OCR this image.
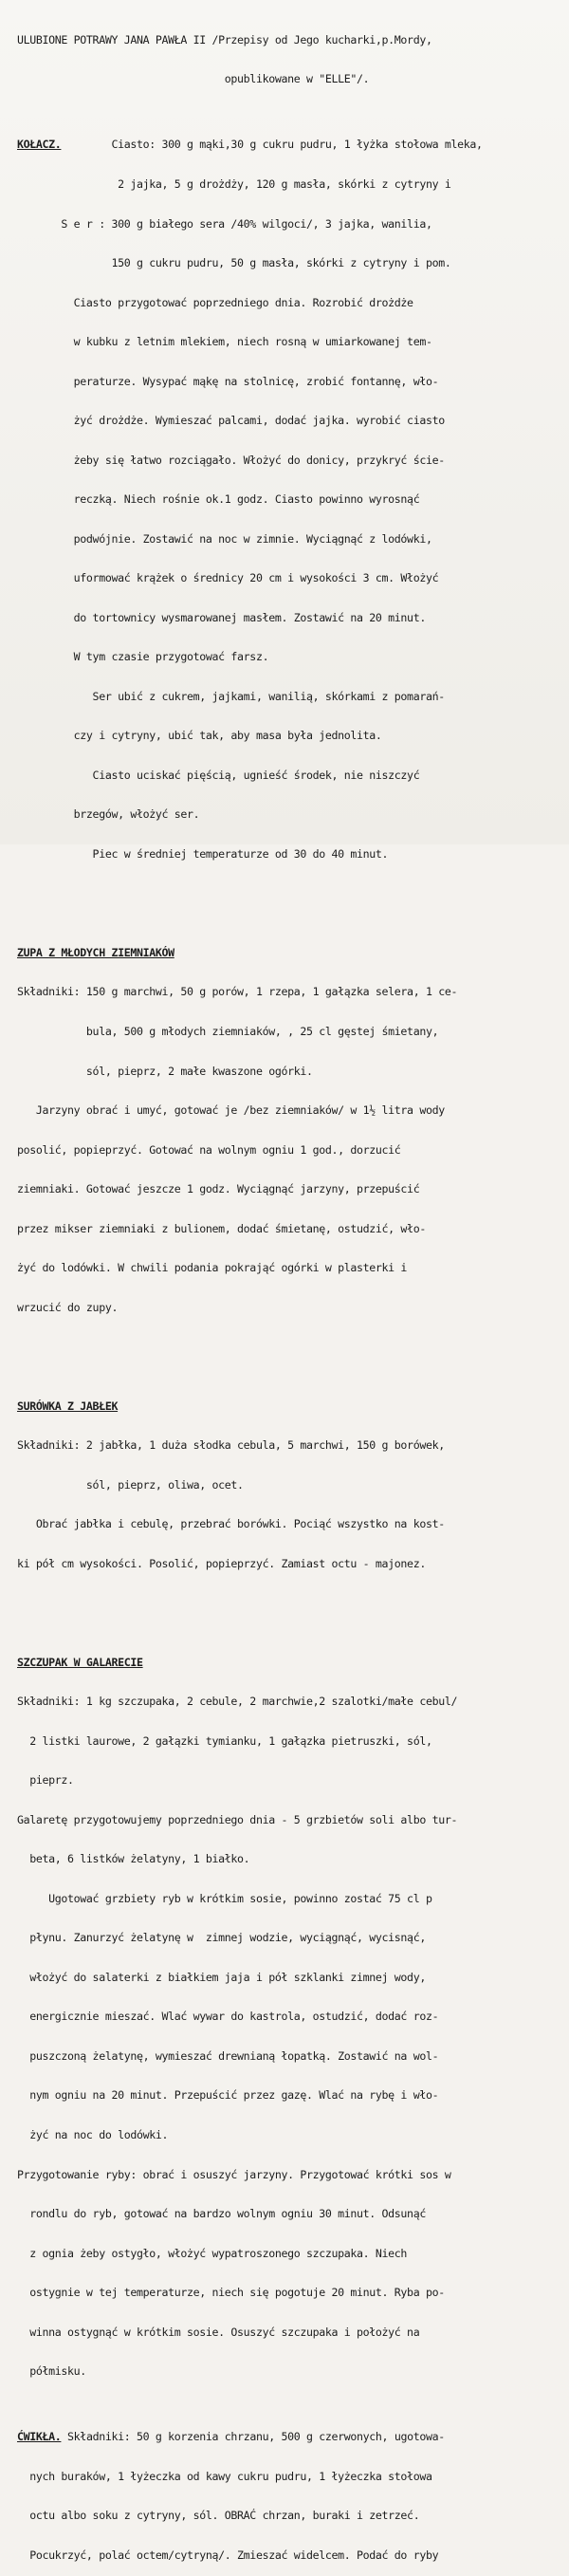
ULUBIONE POTRAWY JANA PAWŁA II /Przepisy od Jego kucharki,p.Mordy,

opublikowane w "ELLE"/.

KOŁACZ.        Ciasto: 300 g mąki,30 g cukru pudru, 1 łyżka stołowa mleka,

2 jajka, 5 g drożdży, 120 g masła, skórki z cytryny i

S e r : 300 g białego sera /40% wilgoci/, 3 jajka, wanilia,

150 g cukru pudru, 50 g masła, skórki z cytryny i pom.

Ciasto przygotować poprzedniego dnia. Rozrobić drożdże

w kubku z letnim mlekiem, niech rosną w umiarkowanej tem-

peraturze. Wysypać mąkę na stolnicę, zrobić fontannę, wło-

żyć drożdże. Wymieszać palcami, dodać jajka. wyrobić ciasto

żeby się łatwo rozciągało. Włożyć do donicy, przykryć ście-

reczką. Niech rośnie ok.1 godz. Ciasto powinno wyrosnąć

podwójnie. Zostawić na noc w zimnie. Wyciągnąć z lodówki,

uformować krążek o średnicy 20 cm i wysokości 3 cm. Włożyć

do tortownicy wysmarowanej masłem. Zostawić na 20 minut.

W tym czasie przygotować farsz.

Ser ubić z cukrem, jajkami, wanilią, skórkami z pomarań-

czy i cytryny, ubić tak, aby masa była jednolita.

Ciasto uciskać pięścią, ugnieść środek, nie niszczyć

brzegów, włożyć ser.

Piec w średniej temperaturze od 30 do 40 minut.

ZUPA Z MŁODYCH ZIEMNIAKÓW

Składniki: 150 g marchwi, 50 g porów, 1 rzepa, 1 gałązka selera, 1 ce-

bula, 500 g młodych ziemniaków, , 25 cl gęstej śmietany,

sól, pieprz, 2 małe kwaszone ogórki.

Jarzyny obrać i umyć, gotować je /bez ziemniaków/ w 1½ litra wody

posolić, popieprzyć. Gotować na wolnym ogniu 1 god., dorzucić

ziemniaki. Gotować jeszcze 1 godz. Wyciągnąć jarzyny, przepuścić

przez mikser ziemniaki z bulionem, dodać śmietanę, ostudzić, wło-

żyć do lodówki. W chwili podania pokrająć ogórki w plasterki i

wrzucić do zupy.

SURÓWKA Z JABŁEK

Składniki: 2 jabłka, 1 duża słodka cebula, 5 marchwi, 150 g borówek,

sól, pieprz, oliwa, ocet.

Obrać jabłka i cebulę, przebrać borówki. Pociąć wszystko na kost-

ki pół cm wysokości. Posolić, popieprzyć. Zamiast octu - majonez.

SZCZUPAK W GALARECIE

Składniki: 1 kg szczupaka, 2 cebule, 2 marchwie,2 szalotki/małe cebul/

2 listki laurowe, 2 gałązki tymianku, 1 gałązka pietruszki, sól,

pieprz.

Galaretę przygotowujemy poprzedniego dnia - 5 grzbietów soli albo tur-

beta, 6 listków żelatyny, 1 białko.

Ugotować grzbiety ryb w krótkim sosie, powinno zostać 75 cl p

płynu. Zanurzyć żelatynę w  zimnej wodzie, wyciągnąć, wycisnąć,

włożyć do salaterki z białkiem jaja i pół szklanki zimnej wody,

energicznie mieszać. Wlać wywar do kastrola, ostudzić, dodać roz-

puszczoną żelatynę, wymieszać drewnianą łopatką. Zostawić na wol-

nym ogniu na 20 minut. Przepuścić przez gazę. Wlać na rybę i wło-

żyć na noc do lodówki.

Przygotowanie ryby: obrać i osuszyć jarzyny. Przygotować krótki sos w

rondlu do ryb, gotować na bardzo wolnym ogniu 30 minut. Odsunąć

z ognia żeby ostygło, włożyć wypatroszonego szczupaka. Niech

ostygnie w tej temperaturze, niech się pogotuje 20 minut. Ryba po-

winna ostygnąć w krótkim sosie. Osuszyć szczupaka i położyć na

półmisku.

ĆWIKŁA. Składniki: 50 g korzenia chrzanu, 500 g czerwonych, ugotowa-

nych buraków, 1 łyżeczka od kawy cukru pudru, 1 łyżeczka stołowa

octu albo soku z cytryny, sól. OBRAĆ chrzan, buraki i zetrzeć.

Pocukrzyć, polać octem/cytryną/. Zmieszać widelcem. Podać do ryby
